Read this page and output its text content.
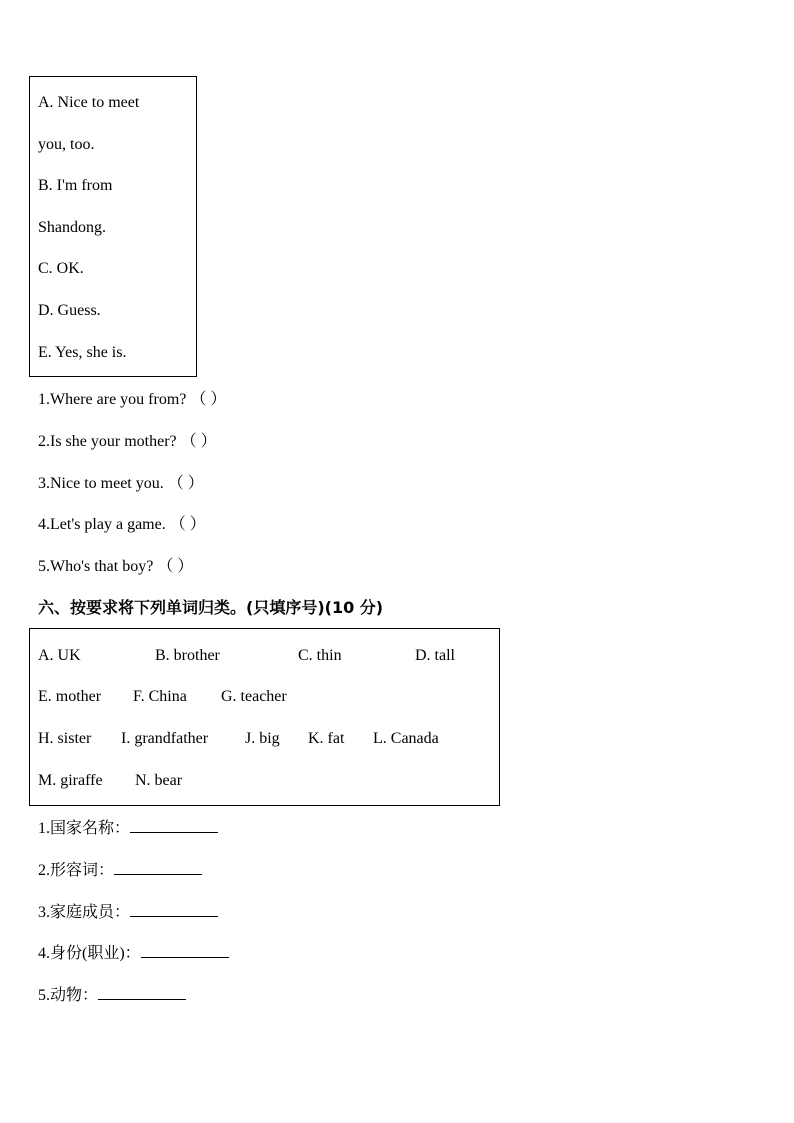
A. Nice to meet
you, too.
B. I'm from
Shandong.
C. OK.
D. Guess.
E. Yes, she is.
1.Where are you from? （ ）
2.Is she your mother? （ ）
3.Nice to meet you. （ ）
4.Let's play a game. （ ）
5.Who's that boy? （ ）
六、按要求将下列单词归类。(只填序号)(10 分)
A. UK	B. brother	C. thin	D. tall
E. mother F. China G. teacher
H. sister I. grandfather J. big K. fat L. Canada
M. giraffe N. bear
1.国家名称：
2.形容词：
3.家庭成员：
4.身份(职业)：
5.动物：
